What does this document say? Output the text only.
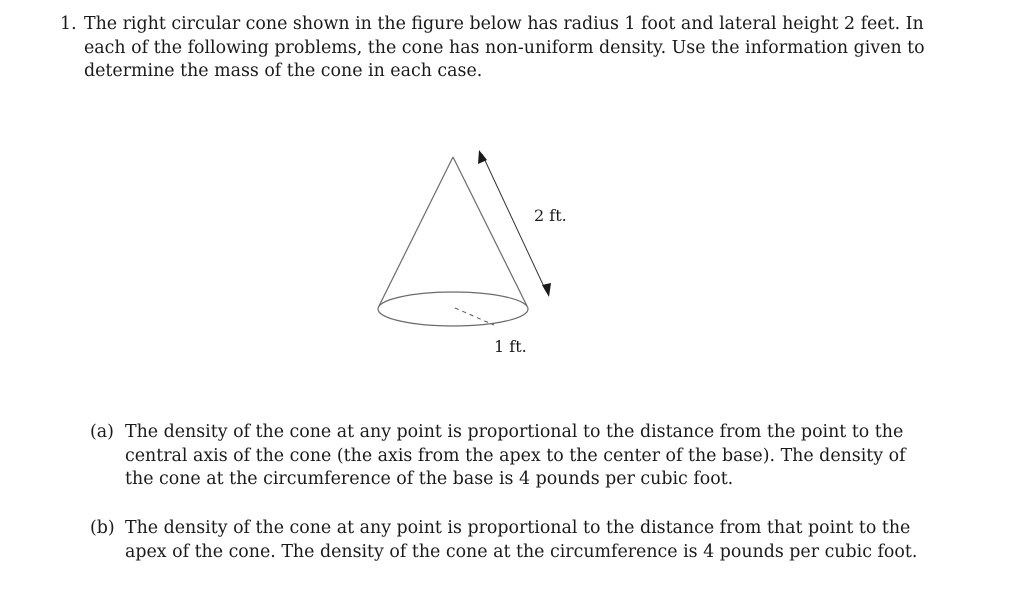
1. The right circular cone shown in the figure below has radius 1 foot and lateral height 2 feet. In
each of the following problems, the cone has non-uniform density. Use the information given to
determine the mass of the cone in each case.
2 ft.
1 ft.
(a) The density of the cone at any point is proportional to the distance from the point to the
central axis of the cone (the axis from the apex to the center of the base). The density of
the cone at the circumference of the base is 4 pounds per cubic foot.
(b) The density of the cone at any point is proportional to the distance from that point to the
apex of the cone. The density of the cone at the circumference is 4 pounds per cubic foot.
